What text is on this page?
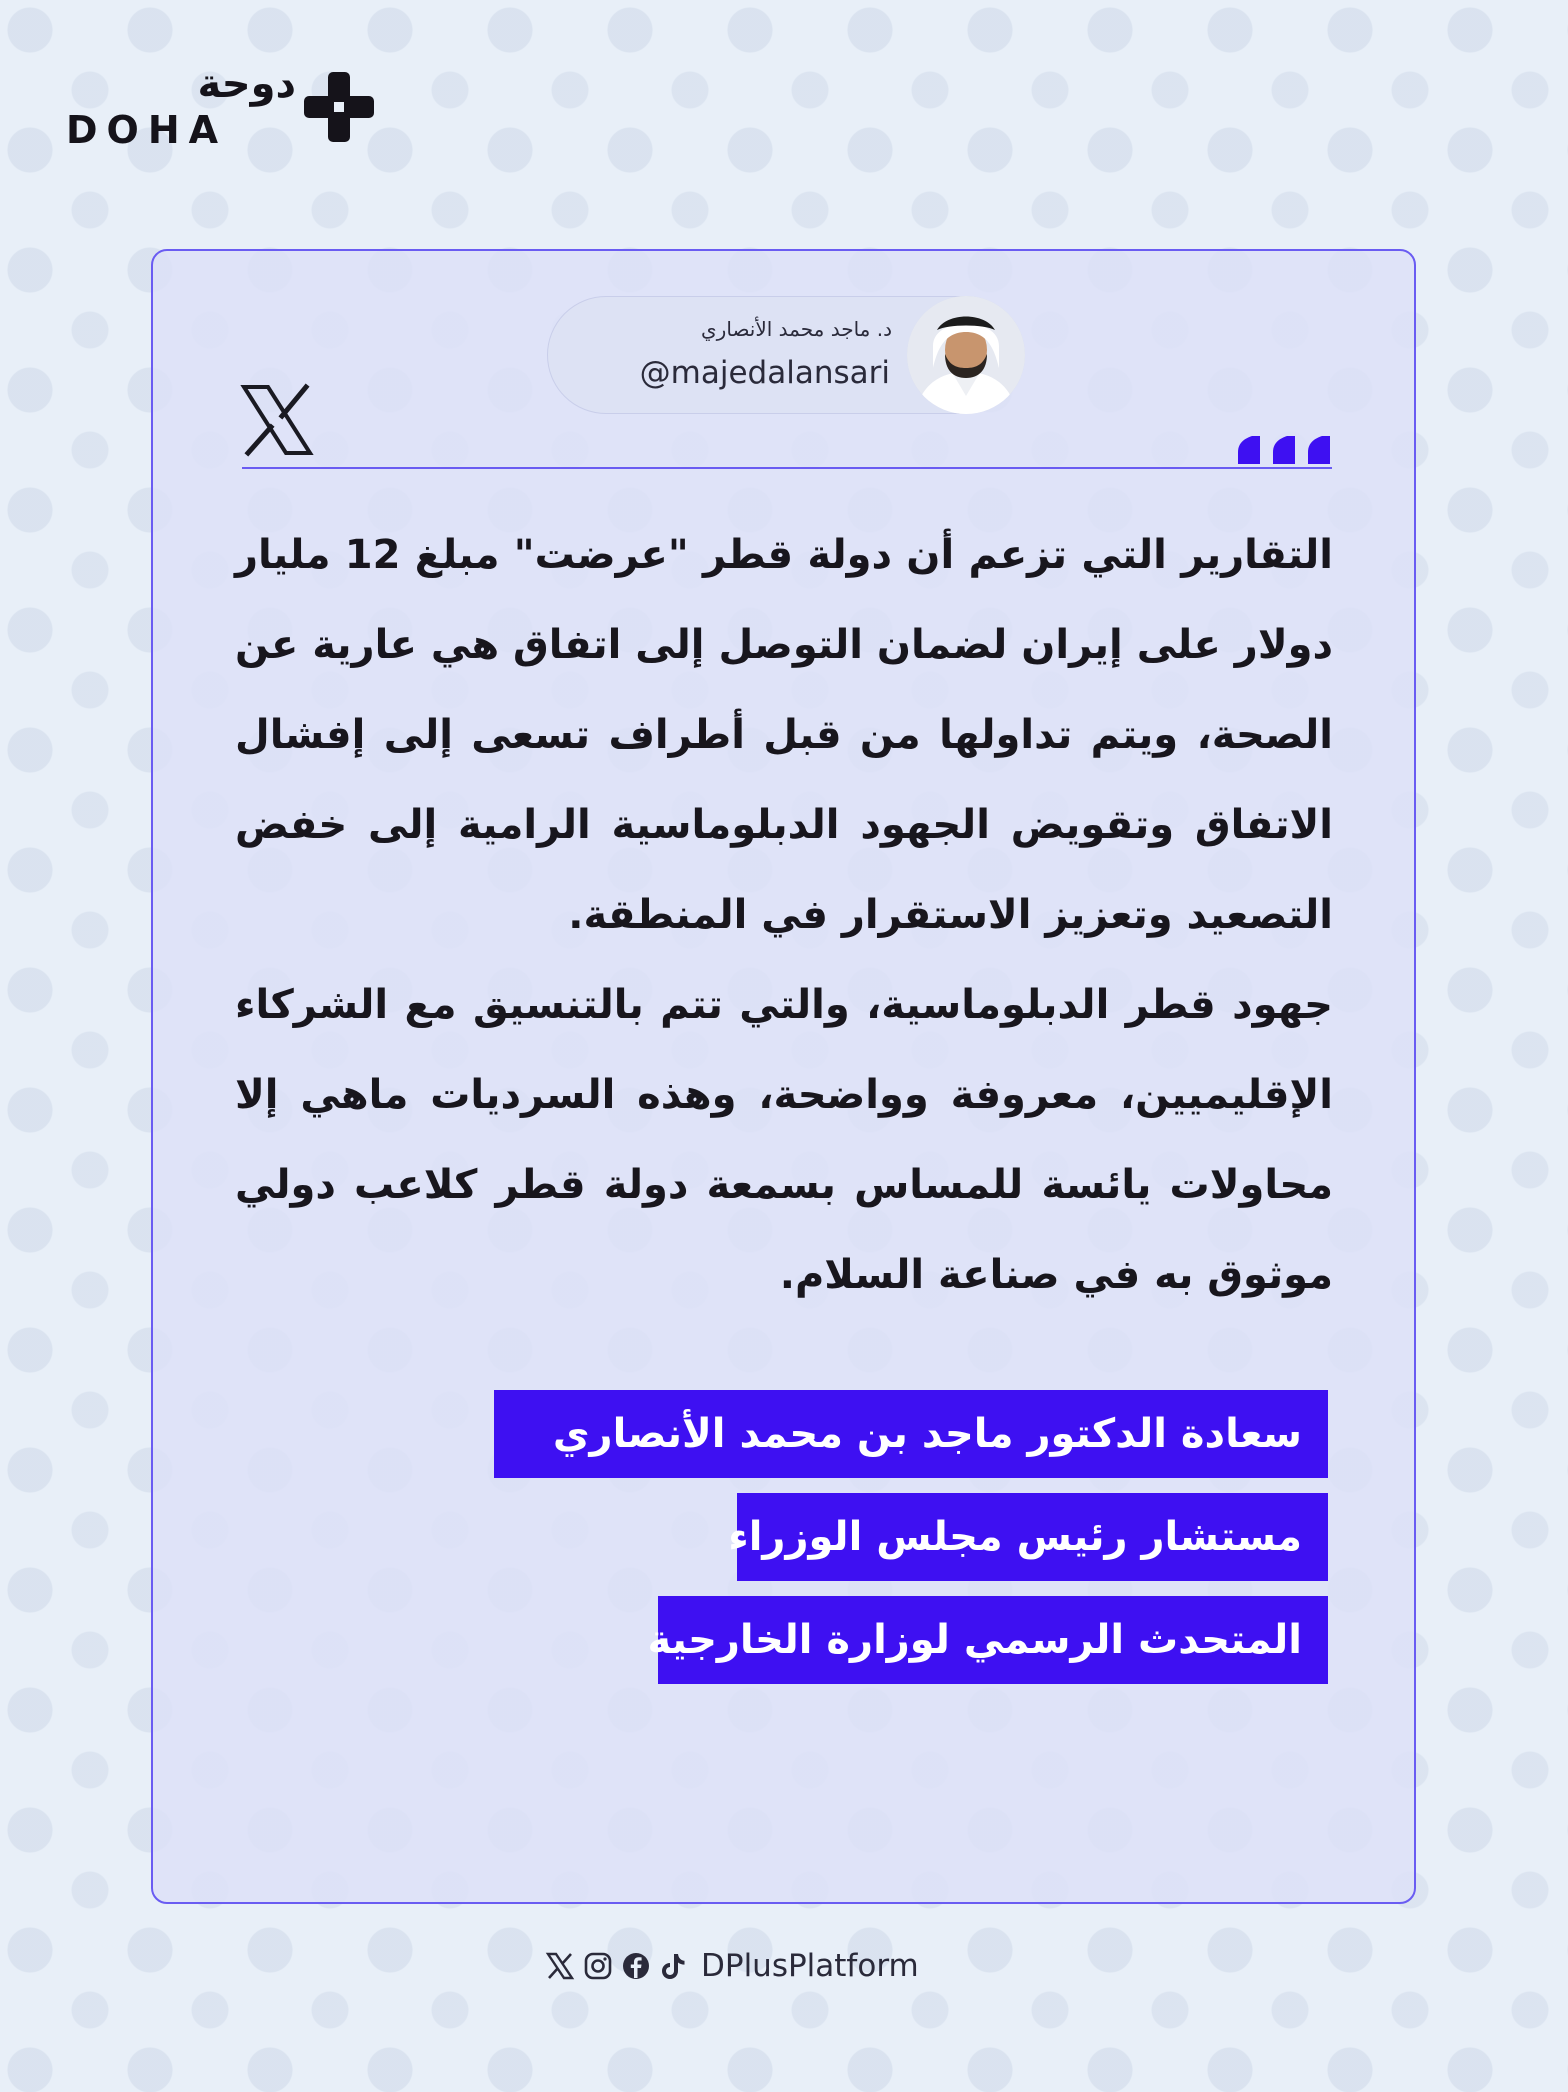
دوحة
DOHA
د. ماجد محمد الأنصاري
@majedalansari

التقارير التي تزعم أن دولة قطر "عرضت" مبلغ 12 مليار دولار على إيران لضمان التوصل إلى اتفاق هي عارية عن الصحة، ويتم تداولها من قبل أطراف تسعى إلى إفشال الاتفاق وتقويض الجهود الدبلوماسية الرامية إلى خفض التصعيد وتعزيز الاستقرار في المنطقة.

جهود قطر الدبلوماسية، والتي تتم بالتنسيق مع الشركاء الإقليميين، معروفة وواضحة، وهذه السرديات ماهي إلا محاولات يائسة للمساس بسمعة دولة قطر كلاعب دولي موثوق به في صناعة السلام.

سعادة الدكتور ماجد بن محمد الأنصاري
مستشار رئيس مجلس الوزراء
المتحدث الرسمي لوزارة الخارجية
DPlusPlatform
